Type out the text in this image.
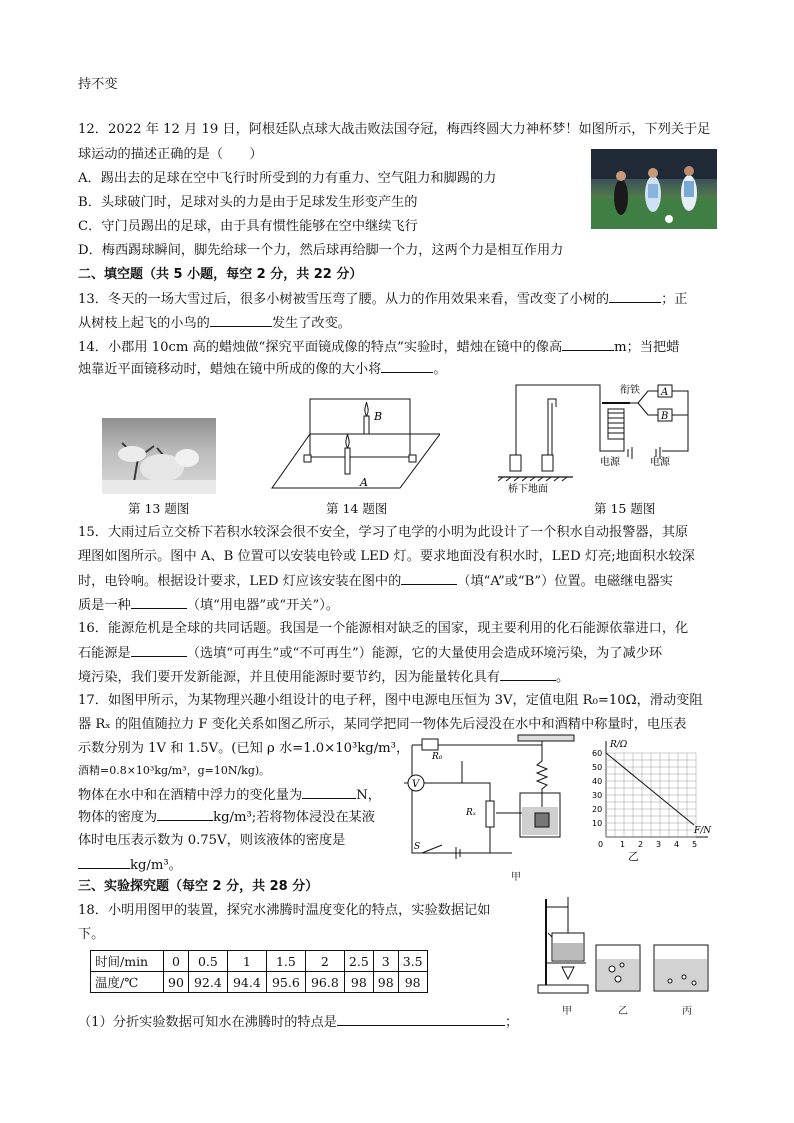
持不变
12．2022 年 12 月 19 日，阿根廷队点球大战击败法国夺冠，梅西终圆大力神杯梦！如图所示，下列关于足
球运动的描述正确的是（　　）
A．踢出去的足球在空中飞行时所受到的力有重力、空气阻力和脚踢的力
B．头球破门时，足球对头的力是由于足球发生形变产生的
C．守门员踢出的足球，由于具有惯性能够在空中继续飞行
D．梅西踢球瞬间，脚先给球一个力，然后球再给脚一个力，这两个力是相互作用力
二、填空题（共 5 小题，每空 2 分，共 22 分）
13．冬天的一场大雪过后，很多小树被雪压弯了腰。从力的作用效果来看，雪改变了小树的	；正
从树枝上起飞的小鸟的	发生了改变。
14．小郡用 10cm 高的蜡烛做“探究平面镜成像的特点”实验时，蜡烛在镜中的像高	m；当把蜡
烛靠近平面镜移动时，蜡烛在镜中所成的像的大小将	。
第 13 题图
B
A
第 14 题图
桥下地面
衔铁 A
B
电源	电源
第 15 题图
15．大雨过后立交桥下若积水较深会很不安全，学习了电学的小明为此设计了一个积水自动报警器，其原
理图如图所示。图中 A、B 位置可以安装电铃或 LED 灯。要求地面没有积水时，LED 灯亮;地面积水较深
时，电铃响。根据设计要求，LED 灯应该安装在图中的	（填“A”或“B”）位置。电磁继电器实
质是一种	（填“用电器”或“开关”）。
16．能源危机是全球的共同话题。我国是一个能源相对缺乏的国家，现主要利用的化石能源依靠进口，化
石能源是	（选填“可再生”或“不可再生”）能源，它的大量使用会造成环境污染，为了减少环
境污染，我们要开发新能源，并且使用能源时要节约，因为能量转化具有	。
17．如图甲所示，为某物理兴趣小组设计的电子秤，图中电源电压恒为 3V，定值电阻 R₀=10Ω，滑动变阻
器 Rₓ 的阻值随拉力 F 变化关系如图乙所示，某同学把同一物体先后浸没在水中和酒精中称量时，电压表
示数分别为 1V 和 1.5V。(已知 ρ 水=1.0×10³kg/m³，
酒精=0.8×10³kg/m³，g=10N/kg)。
物体在水中和在酒精中浮力的变化量为	N，
物体的密度为	kg/m³;若将物体浸没在某液
体时电压表示数为 0.75V，则该液体的密度是
kg/m³。
R₀
V
Rₓ
S
甲
R/Ω
F/N
60
50
40
30
20
10
0 1 2 3 4 5
乙
三、实验探究题（每空 2 分，共 28 分）
18．小明用图甲的装置，探究水沸腾时温度变化的特点，实验数据记如
下。
时间/min	0	0.5	1	1.5	2	2.5	3	3.5
温度/℃	90	92.4	94.4	95.6	96.8	98	98	98
（1）分折实验数据可知水在沸腾时的特点是	；
甲	乙	丙
